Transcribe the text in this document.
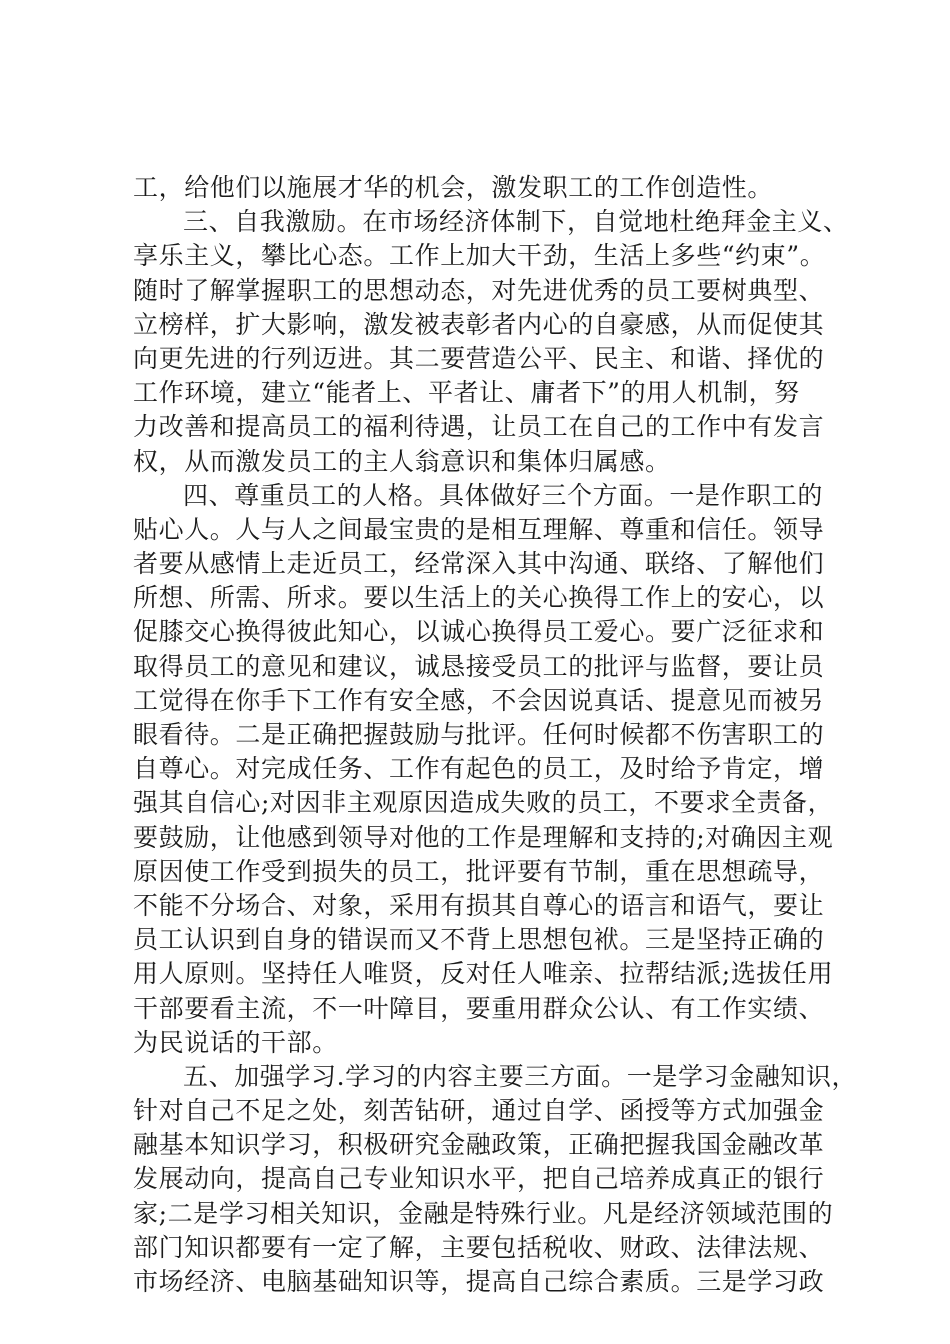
工，给他们以施展才华的机会，激发职工的工作创造性。
三、自我激励。在市场经济体制下，自觉地杜绝拜金主义、
享乐主义，攀比心态。工作上加大干劲，生活上多些“约束”。
随时了解掌握职工的思想动态，对先进优秀的员工要树典型、
立榜样，扩大影响，激发被表彰者内心的自豪感，从而促使其
向更先进的行列迈进。其二要营造公平、民主、和谐、择优的
工作环境，建立“能者上、平者让、庸者下”的用人机制，努
力改善和提高员工的福利待遇，让员工在自己的工作中有发言
权，从而激发员工的主人翁意识和集体归属感。
四、尊重员工的人格。具体做好三个方面。一是作职工的
贴心人。人与人之间最宝贵的是相互理解、尊重和信任。领导
者要从感情上走近员工，经常深入其中沟通、联络、了解他们
所想、所需、所求。要以生活上的关心换得工作上的安心，以
促膝交心换得彼此知心，以诚心换得员工爱心。要广泛征求和
取得员工的意见和建议，诚恳接受员工的批评与监督，要让员
工觉得在你手下工作有安全感，不会因说真话、提意见而被另
眼看待。二是正确把握鼓励与批评。任何时候都不伤害职工的
自尊心。对完成任务、工作有起色的员工，及时给予肯定，增
强其自信心;对因非主观原因造成失败的员工，不要求全责备，
要鼓励，让他感到领导对他的工作是理解和支持的;对确因主观
原因使工作受到损失的员工，批评要有节制，重在思想疏导，
不能不分场合、对象，采用有损其自尊心的语言和语气，要让
员工认识到自身的错误而又不背上思想包袱。三是坚持正确的
用人原则。坚持任人唯贤，反对任人唯亲、拉帮结派;选拔任用
干部要看主流，不一叶障目，要重用群众公认、有工作实绩、
为民说话的干部。
五、加强学习.学习的内容主要三方面。一是学习金融知识，
针对自己不足之处，刻苦钻研，通过自学、函授等方式加强金
融基本知识学习，积极研究金融政策，正确把握我国金融改革
发展动向，提高自己专业知识水平，把自己培养成真正的银行
家;二是学习相关知识，金融是特殊行业。凡是经济领域范围的
部门知识都要有一定了解，主要包括税收、财政、法律法规、
市场经济、电脑基础知识等，提高自己综合素质。三是学习政
